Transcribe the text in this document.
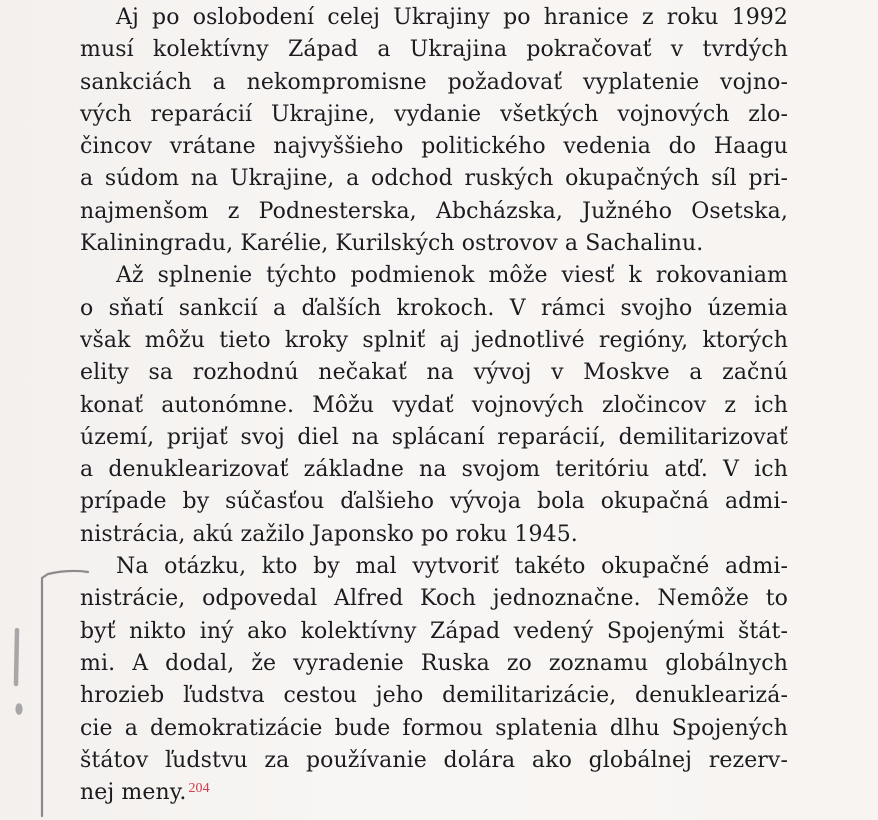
Aj po oslobodení celej Ukrajiny po hranice z roku 1992
musí kolektívny Západ a Ukrajina pokračovať v tvrdých
sankciách a nekompromisne požadovať vyplatenie vojno-
vých reparácií Ukrajine, vydanie všetkých vojnových zlo-
čincov vrátane najvyššieho politického vedenia do Haagu
a súdom na Ukrajine, a odchod ruských okupačných síl pri-
najmenšom z Podnesterska, Abcházska, Južného Osetska,
Kaliningradu, Karélie, Kurilských ostrovov a Sachalinu.
Až splnenie týchto podmienok môže viesť k rokovaniam
o sňatí sankcií a ďalších krokoch. V rámci svojho územia
však môžu tieto kroky splniť aj jednotlivé regióny, ktorých
elity sa rozhodnú nečakať na vývoj v Moskve a začnú
konať autonómne. Môžu vydať vojnových zločincov z ich
území, prijať svoj diel na splácaní reparácií, demilitarizovať
a denuklearizovať základne na svojom teritóriu atď. V ich
prípade by súčasťou ďalšieho vývoja bola okupačná admi-
nistrácia, akú zažilo Japonsko po roku 1945.
Na otázku, kto by mal vytvoriť takéto okupačné admi-
nistrácie, odpovedal Alfred Koch jednoznačne. Nemôže to
byť nikto iný ako kolektívny Západ vedený Spojenými štát-
mi. A dodal, že vyradenie Ruska zo zoznamu globálnych
hrozieb ľudstva cestou jeho demilitarizácie, denuklearizá-
cie a demokratizácie bude formou splatenia dlhu Spojených
štátov ľudstvu za používanie dolára ako globálnej rezerv-
nej meny. $^{204}$
